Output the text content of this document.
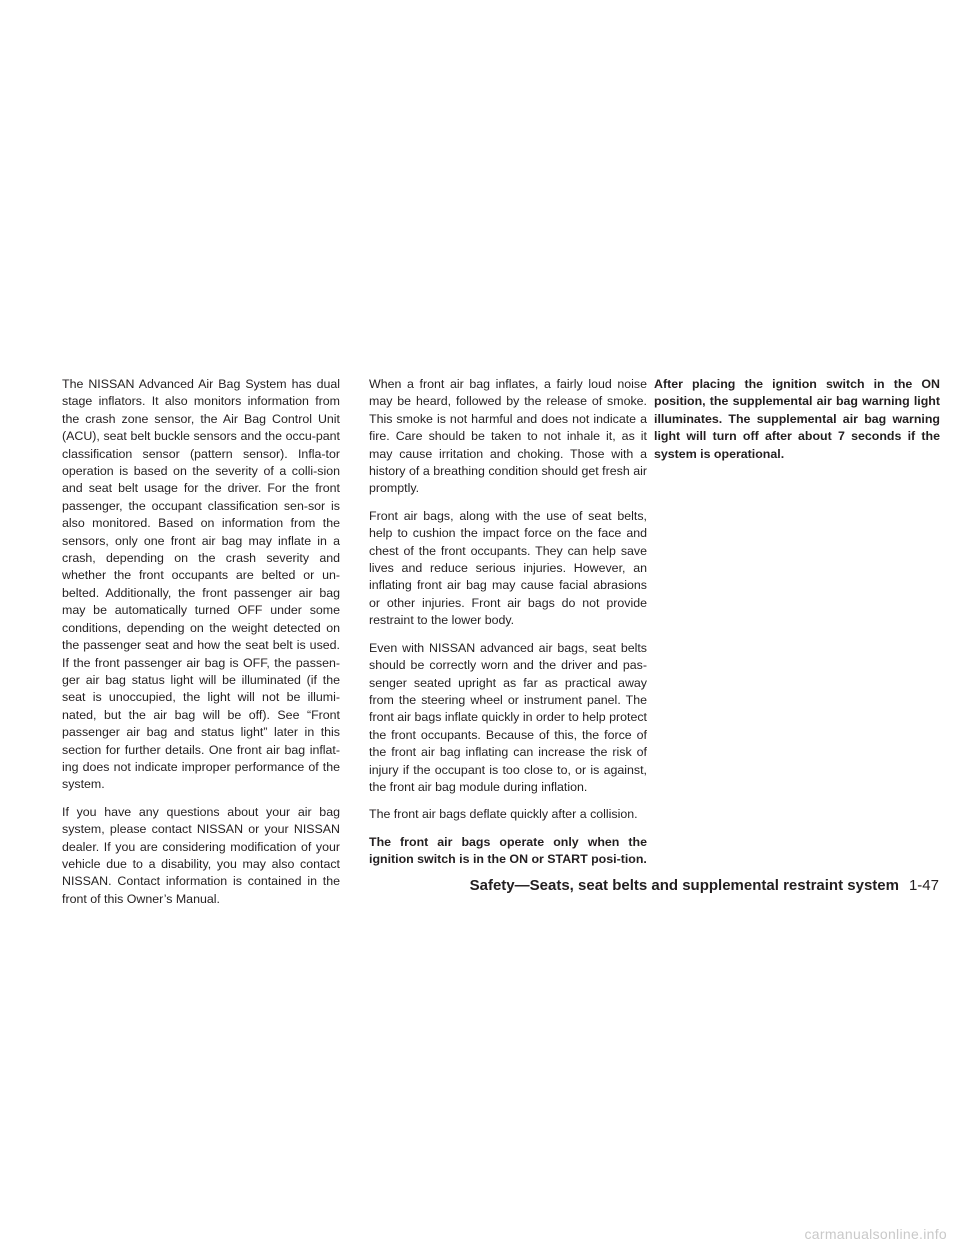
The NISSAN Advanced Air Bag System has dual stage inflators. It also monitors information from the crash zone sensor, the Air Bag Control Unit (ACU), seat belt buckle sensors and the occu-pant classification sensor (pattern sensor). Infla-tor operation is based on the severity of a colli-sion and seat belt usage for the driver. For the front passenger, the occupant classification sen-sor is also monitored. Based on information from the sensors, only one front air bag may inflate in a crash, depending on the crash severity and whether the front occupants are belted or un-belted. Additionally, the front passenger air bag may be automatically turned OFF under some conditions, depending on the weight detected on the passenger seat and how the seat belt is used. If the front passenger air bag is OFF, the passen-ger air bag status light will be illuminated (if the seat is unoccupied, the light will not be illumi-nated, but the air bag will be off). See “Front passenger air bag and status light” later in this section for further details. One front air bag inflat-ing does not indicate improper performance of the system.

If you have any questions about your air bag system, please contact NISSAN or your NISSAN dealer. If you are considering modification of your vehicle due to a disability, you may also contact NISSAN. Contact information is contained in the front of this Owner’s Manual.

When a front air bag inflates, a fairly loud noise may be heard, followed by the release of smoke. This smoke is not harmful and does not indicate a fire. Care should be taken to not inhale it, as it may cause irritation and choking. Those with a history of a breathing condition should get fresh air promptly.

Front air bags, along with the use of seat belts, help to cushion the impact force on the face and chest of the front occupants. They can help save lives and reduce serious injuries. However, an inflating front air bag may cause facial abrasions or other injuries. Front air bags do not provide restraint to the lower body.

Even with NISSAN advanced air bags, seat belts should be correctly worn and the driver and pas-senger seated upright as far as practical away from the steering wheel or instrument panel. The front air bags inflate quickly in order to help protect the front occupants. Because of this, the force of the front air bag inflating can increase the risk of injury if the occupant is too close to, or is against, the front air bag module during inflation.

The front air bags deflate quickly after a collision.

The front air bags operate only when the ignition switch is in the ON or START posi-tion.

After placing the ignition switch in the ON position, the supplemental air bag warning light illuminates. The supplemental air bag warning light will turn off after about 7 seconds if the system is operational.

Safety—Seats, seat belts and supplemental restraint system 1-47
carmanualsonline.info
